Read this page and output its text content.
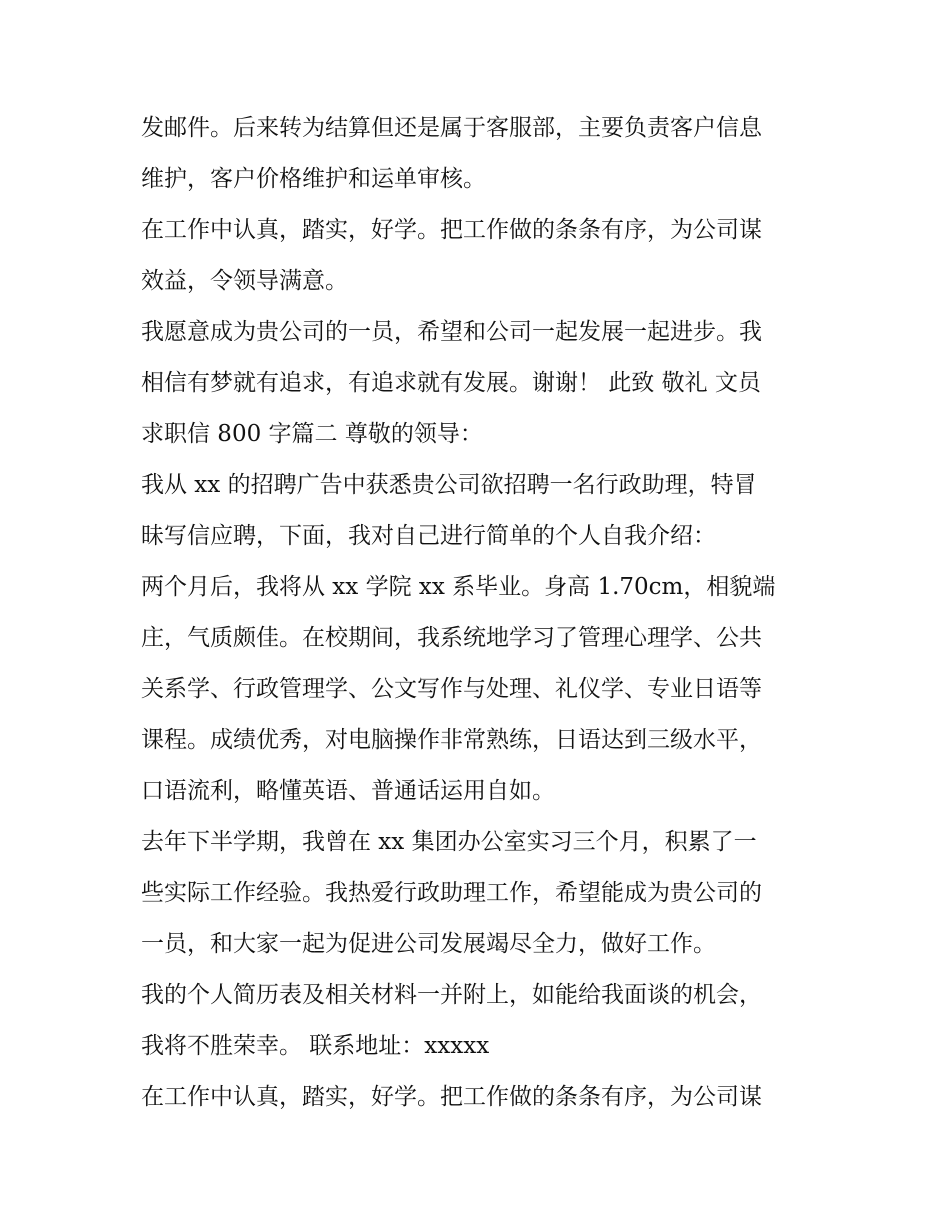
发邮件。后来转为结算但还是属于客服部，主要负责客户信息
维护，客户价格维护和运单审核。
在工作中认真，踏实，好学。把工作做的条条有序，为公司谋
效益，令领导满意。
我愿意成为贵公司的一员，希望和公司一起发展一起进步。我
相信有梦就有追求，有追求就有发展。谢谢！ 此致 敬礼 文员
求职信 800 字篇二 尊敬的领导：
我从 xx 的招聘广告中获悉贵公司欲招聘一名行政助理，特冒
昧写信应聘，下面，我对自己进行简单的个人自我介绍：
两个月后，我将从 xx 学院 xx 系毕业。身高 1.70cm，相貌端
庄，气质颇佳。在校期间，我系统地学习了管理心理学、公共
关系学、行政管理学、公文写作与处理、礼仪学、专业日语等
课程。成绩优秀，对电脑操作非常熟练，日语达到三级水平，
口语流利，略懂英语、普通话运用自如。
去年下半学期，我曾在 xx 集团办公室实习三个月，积累了一
些实际工作经验。我热爱行政助理工作，希望能成为贵公司的
一员，和大家一起为促进公司发展竭尽全力，做好工作。
我的个人简历表及相关材料一并附上，如能给我面谈的机会，
我将不胜荣幸。 联系地址：xxxxx
在工作中认真，踏实，好学。把工作做的条条有序，为公司谋
